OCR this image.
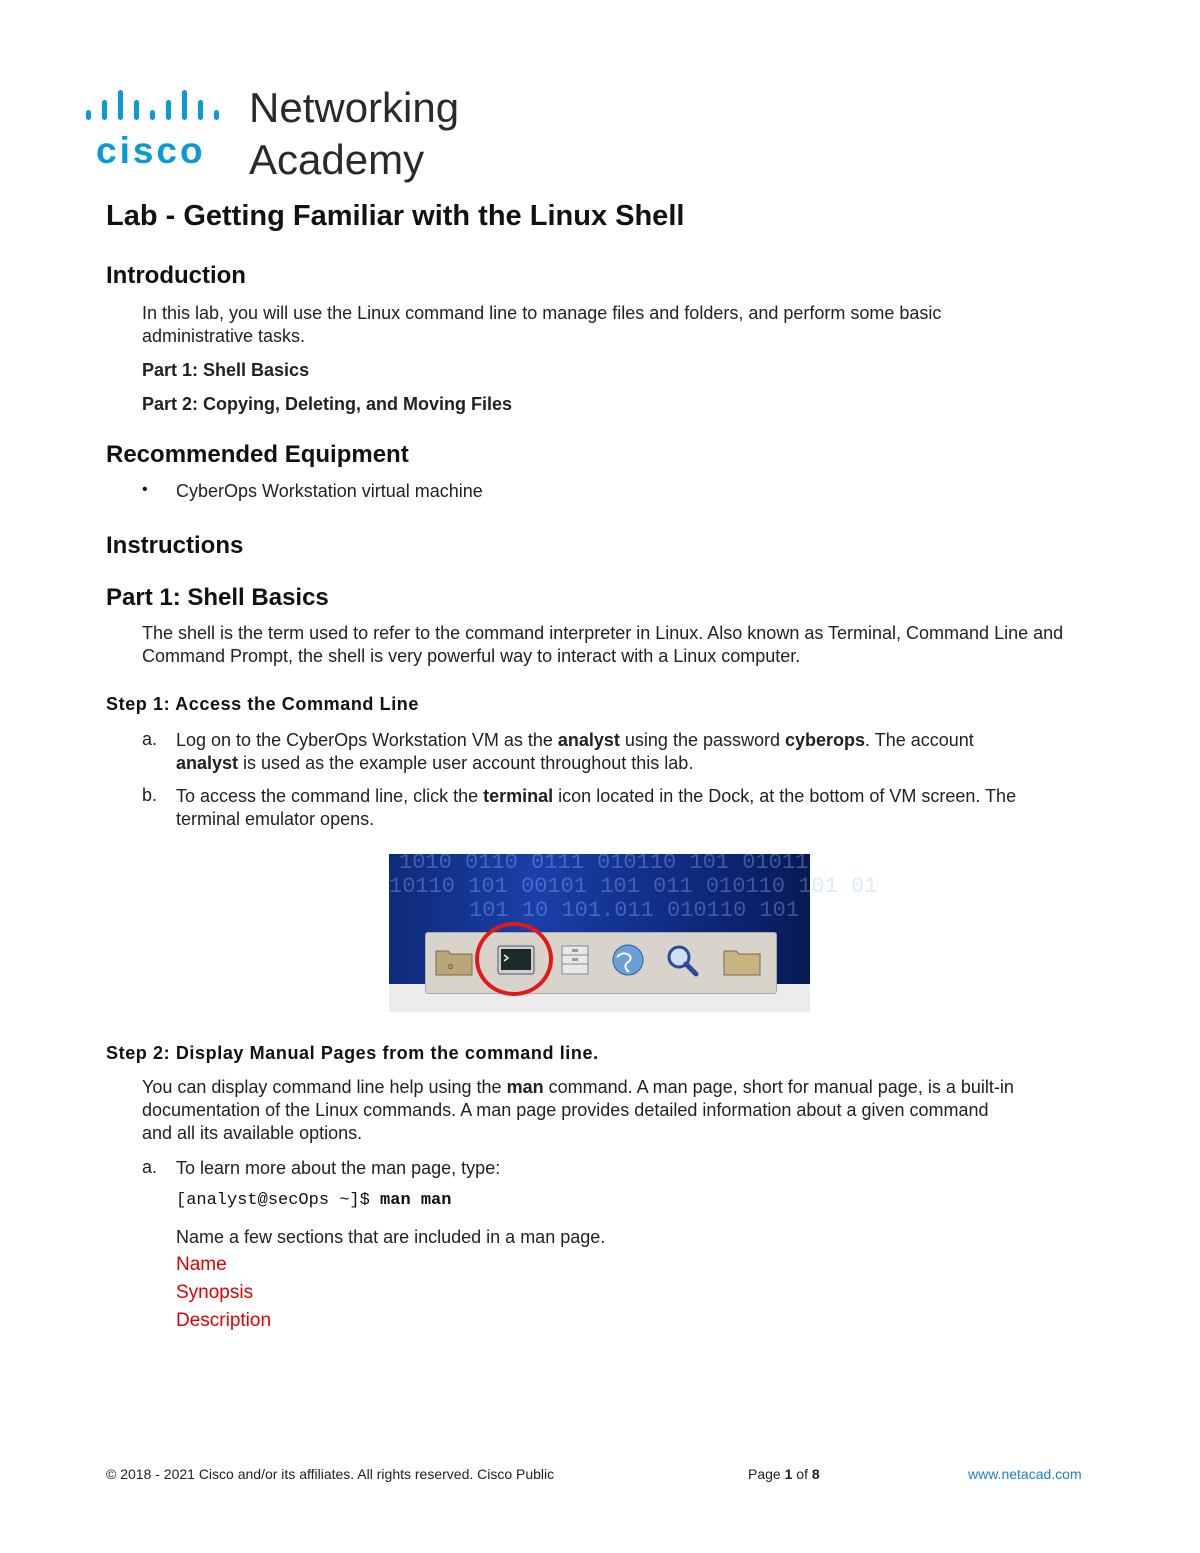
cisco
Networking
Academy
Lab - Getting Familiar with the Linux Shell
Introduction
In this lab, you will use the Linux command line to manage files and folders, and perform some basic administrative tasks.
Part 1: Shell Basics
Part 2: Copying, Deleting, and Moving Files
Recommended Equipment
• CyberOps Workstation virtual machine
Instructions
Part 1: Shell Basics
The shell is the term used to refer to the command interpreter in Linux. Also known as Terminal, Command Line and Command Prompt, the shell is very powerful way to interact with a Linux computer.
Step 1: Access the Command Line
a. Log on to the CyberOps Workstation VM as the analyst using the password cyberops. The account
analyst is used as the example user account throughout this lab.
b. To access the command line, click the terminal icon located in the Dock, at the bottom of VM screen. The
terminal emulator opens.
1010 0110 0111 010110 101 01011
10110 101 00101 101 011 010110 101 01
101 10 101.011 010110 101
o
Step 2: Display Manual Pages from the command line.
You can display command line help using the man command. A man page, short for manual page, is a built-in
documentation of the Linux commands. A man page provides detailed information about a given command
and all its available options.
a. To learn more about the man page, type:
[analyst@secOps ~]$ man man
Name a few sections that are included in a man page.
Name
Synopsis
Description
© 2018 - 2021 Cisco and/or its affiliates. All rights reserved. Cisco Public	Page 1 of 8	www.netacad.com
